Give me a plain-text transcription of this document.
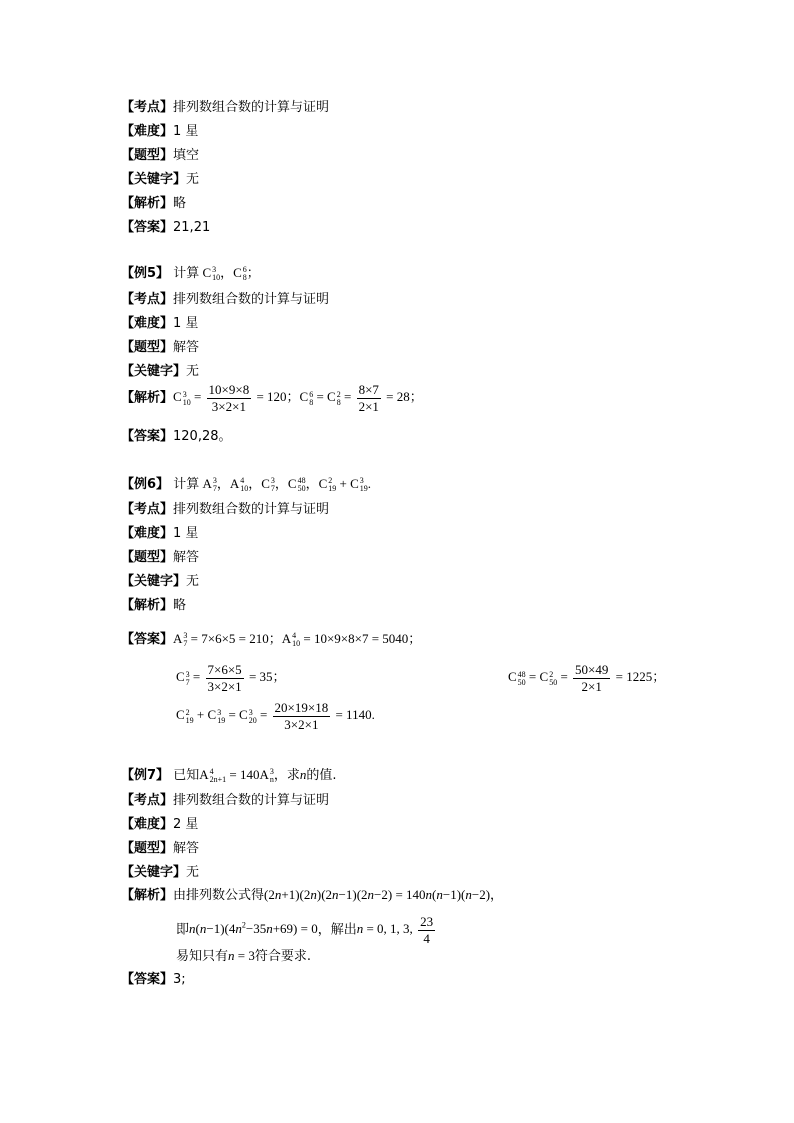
【考点】排列数组合数的计算与证明
【难度】1 星
【题型】填空
【关键字】无
【解析】略
【答案】21,21
【例5】 计算 C 3
10 ，C 6
8 ；
【考点】排列数组合数的计算与证明
【难度】1 星
【题型】解答
【关键字】无
【解析】C 3
$10 = \frac{10\times 9\times 8}{3\times 2\times 1} = 120$；C 6
8 = C 2
$8 = \frac{8\times 7}{2\times 1} = 28$；
【答案】120,28。
【例6】 计算 A 3
7 ，A 4
10 ，C 3
7 ，C 48
50 ，C 2
19 + C 3
19 .
【考点】排列数组合数的计算与证明
【难度】1 星
【题型】解答
【关键字】无
【解析】略
【答案】A 3
7 = 7×6×5 = 210；A 4
10 = 10×9×8×7 = 5040；
C 3
$7 = \frac{7\times 6\times 5}{3\times 2\times 1} = 35$；	C 48
50 = C 2
$50 = \frac{50\times 49}{2\times 1} = 1225$；
C 2
19 + C 3
19 = C 3
$20 = \frac{20\times 19\times 18}{3\times 2\times 1} = 1140$.
【例7】 已知A 4
2n+1 = 140A 3
n ，求n的值.
【考点】排列数组合数的计算与证明
【难度】2 星
【题型】解答
【关键字】无
【解析】由排列数公式得(2n+1)(2n)(2n−1)(2n−2) = 140n(n−1)(n−2)，
即$n(n-1)(4n^2-35n+69) = 0$，解出n = 0, 1, 3, $\frac{23}{4}$
易知只有n = 3符合要求.
【答案】3;
